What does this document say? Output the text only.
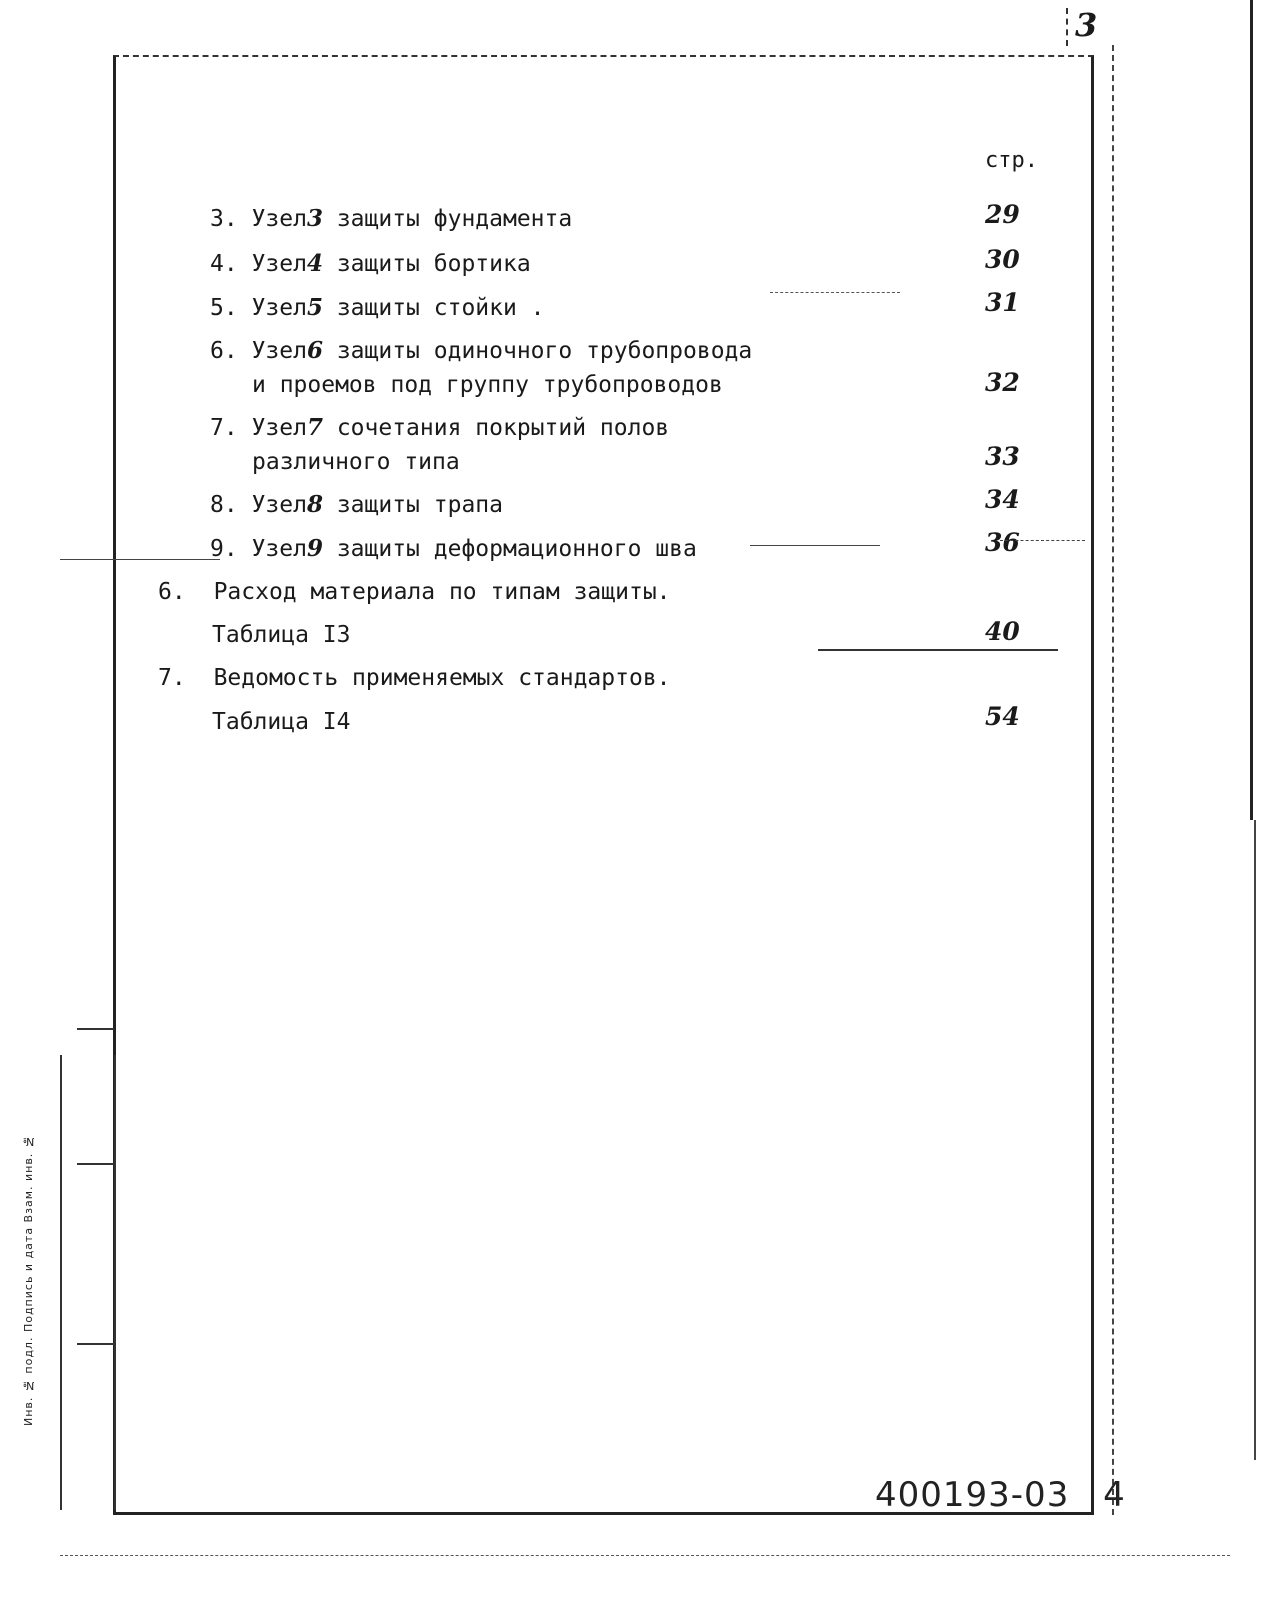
3
стр.
3. Узел3 защиты фундамента	29
4. Узел4 защиты бортика	30
5. Узел5 защиты стойки .	31
6. Узел6 защиты одиночного трубопровода
и проемов под группу трубопроводов	32
7. Узел7 сочетания покрытий полов
различного типа	33
8. Узел8 защиты трапа	34
9. Узел9 защиты деформационного шва	36
6. Расход материала по типам защиты.
Таблица I3	40
7. Ведомость применяемых стандартов.
Таблица I4	54
Инв. № подл. Подпись и дата Взам. инв. №
400193-03 4
